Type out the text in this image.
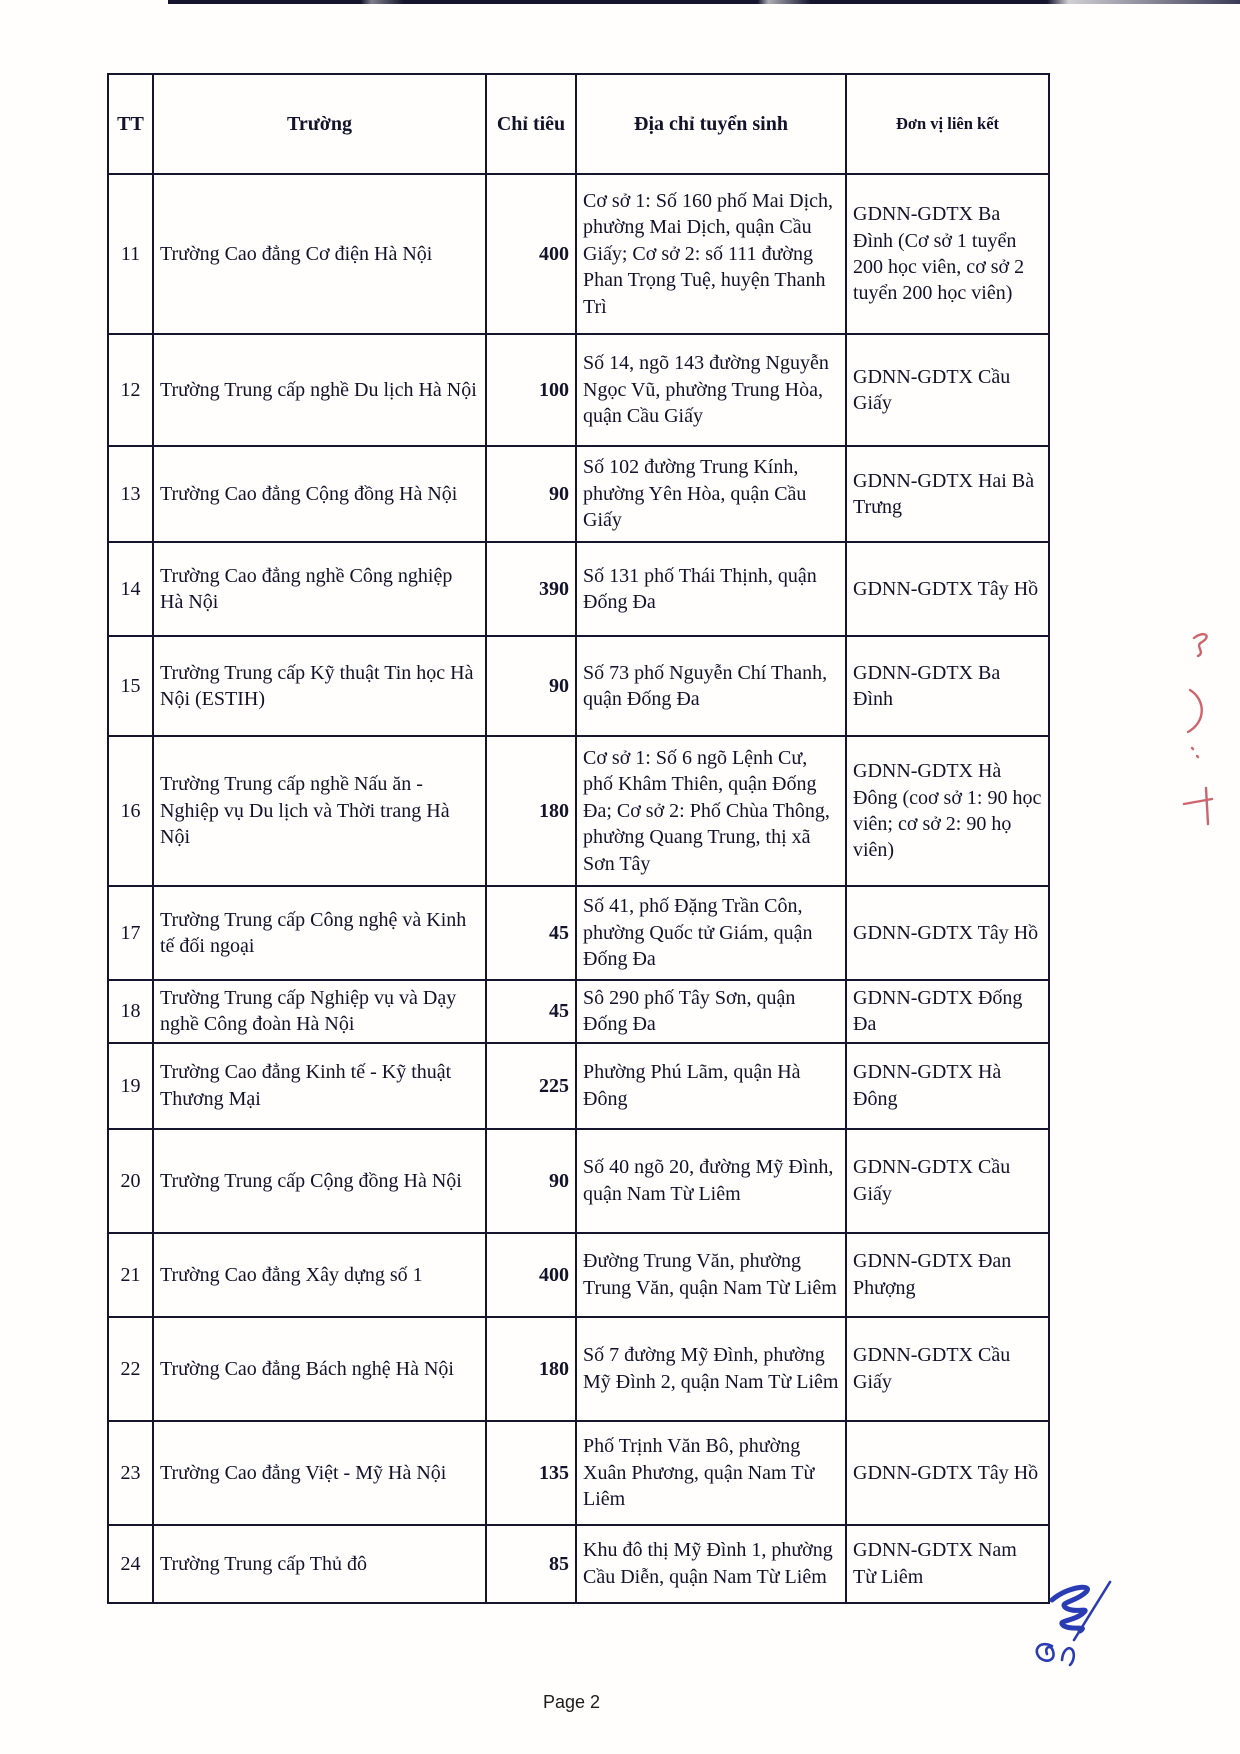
TT	Trường	Chỉ tiêu	Địa chỉ tuyển sinh	Đơn vị liên kết
11	Trường Cao đẳng Cơ điện Hà Nội	400	Cơ sở 1: Số 160 phố Mai Dịch, phường Mai Dịch, quận Cầu Giấy; Cơ sở 2: số 111 đường Phan Trọng Tuệ, huyện Thanh Trì	GDNN-GDTX Ba Đình (Cơ sở 1 tuyển 200 học viên, cơ sở 2 tuyển 200 học viên)
12	Trường Trung cấp nghề Du lịch Hà Nội	100	Số 14, ngõ 143 đường Nguyễn Ngọc Vũ, phường Trung Hòa, quận Cầu Giấy	GDNN-GDTX Cầu Giấy
13	Trường Cao đẳng Cộng đồng Hà Nội	90	Số 102 đường Trung Kính, phường Yên Hòa, quận Cầu Giấy	GDNN-GDTX Hai Bà Trưng
14	Trường Cao đẳng nghề Công nghiệp Hà Nội	390	Số 131 phố Thái Thịnh, quận Đống Đa	GDNN-GDTX Tây Hồ
15	Trường Trung cấp Kỹ thuật Tin học Hà Nội (ESTIH)	90	Số 73 phố Nguyễn Chí Thanh, quận Đống Đa	GDNN-GDTX Ba Đình
16	Trường Trung cấp nghề Nấu ăn - Nghiệp vụ Du lịch và Thời trang Hà Nội	180	Cơ sở 1: Số 6 ngõ Lệnh Cư, phố Khâm Thiên, quận Đống Đa; Cơ sở 2: Phố Chùa Thông, phường Quang Trung, thị xã Sơn Tây	GDNN-GDTX Hà Đông (coơ sở 1: 90 học viên; cơ sở 2: 90 họ viên)
17	Trường Trung cấp Công nghệ và Kinh tế đối ngoại	45	Số 41, phố Đặng Trần Côn, phường Quốc tử Giám, quận Đống Đa	GDNN-GDTX Tây Hồ
18	Trường Trung cấp Nghiệp vụ và Dạy nghề Công đoàn Hà Nội	45	Sô 290 phố Tây Sơn, quận Đống Đa	GDNN-GDTX Đống Đa
19	Trường Cao đẳng Kinh tế - Kỹ thuật Thương Mại	225	Phường Phú Lãm, quận Hà Đông	GDNN-GDTX Hà Đông
20	Trường Trung cấp Cộng đồng Hà Nội	90	Số 40 ngõ 20, đường Mỹ Đình, quận Nam Từ Liêm	GDNN-GDTX Cầu Giấy
21	Trường Cao đẳng Xây dựng số 1	400	Đường Trung Văn, phường Trung Văn, quận Nam Từ Liêm	GDNN-GDTX Đan Phượng
22	Trường Cao đẳng Bách nghệ Hà Nội	180	Số 7 đường Mỹ Đình, phường Mỹ Đình 2, quận Nam Từ Liêm	GDNN-GDTX Cầu Giấy
23	Trường Cao đẳng Việt - Mỹ Hà Nội	135	Phố Trịnh Văn Bô, phường Xuân Phương, quận Nam Từ Liêm	GDNN-GDTX Tây Hồ
24	Trường Trung cấp Thủ đô	85	Khu đô thị Mỹ Đình 1, phường Cầu Diễn, quận Nam Từ Liêm	GDNN-GDTX Nam Từ Liêm
Page 2
